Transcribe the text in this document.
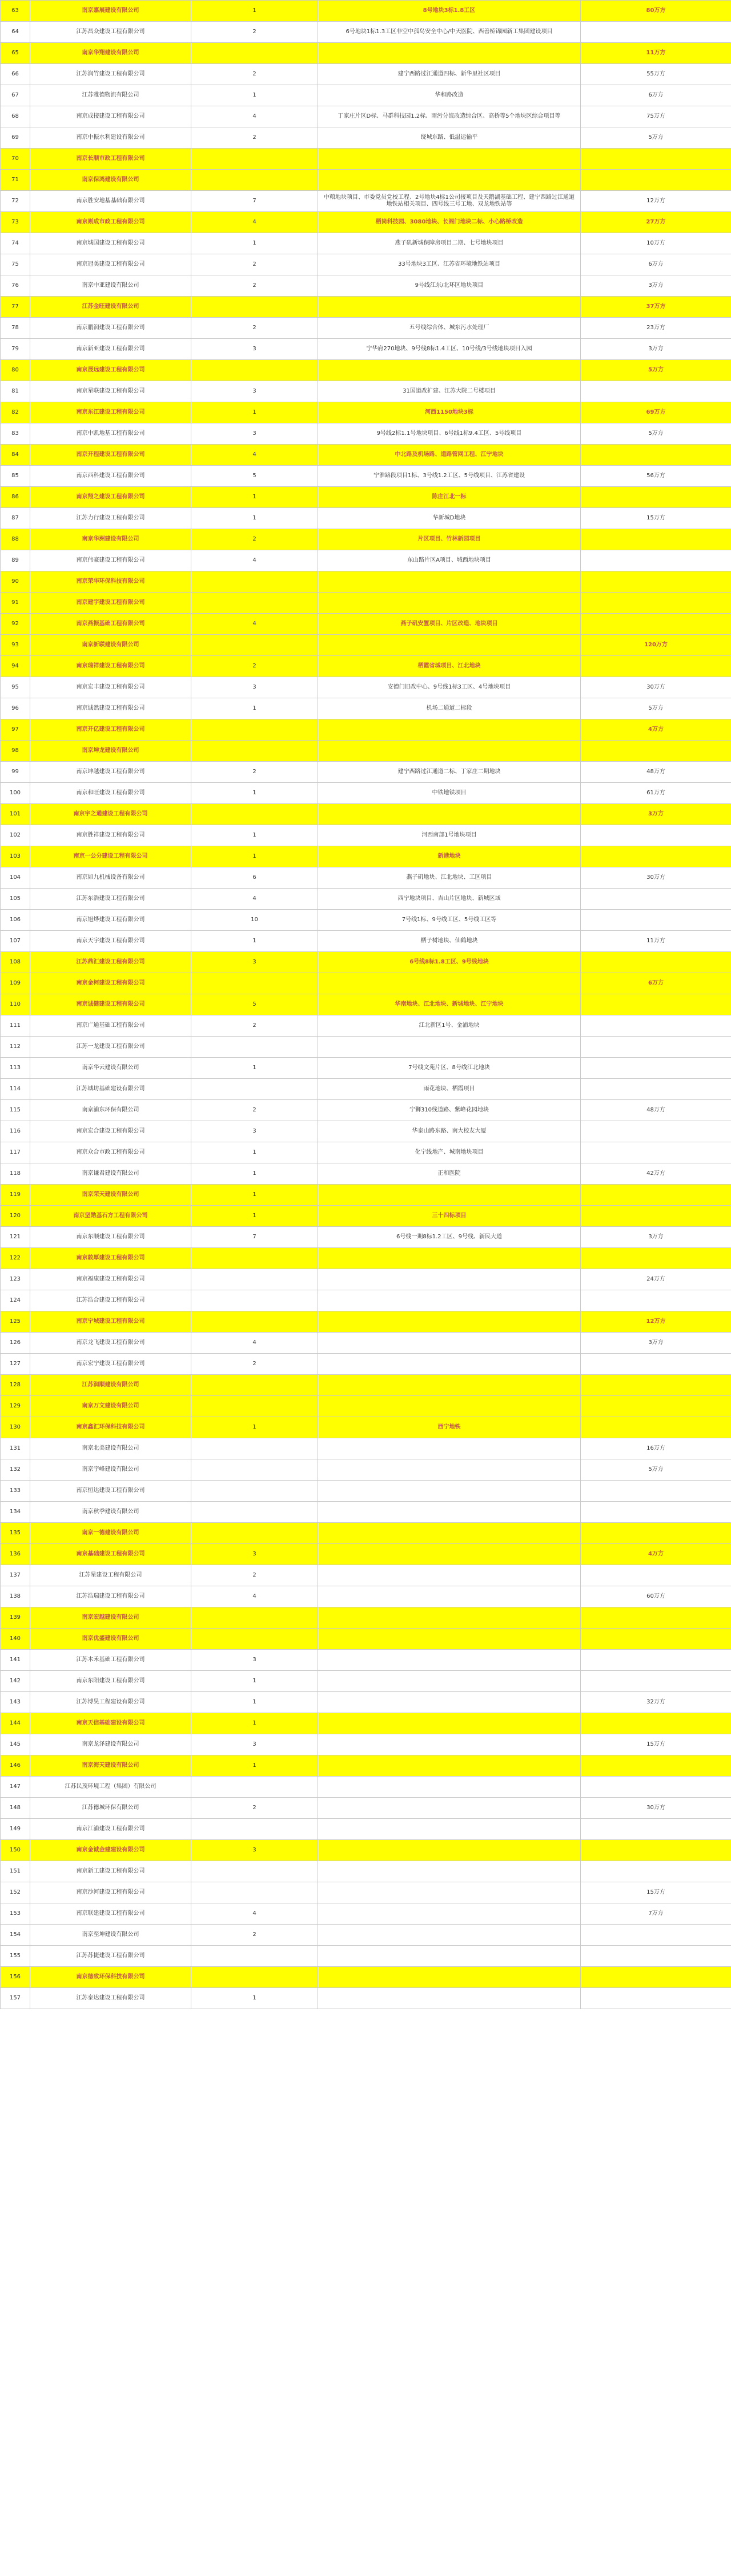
63	南京嘉展建设有限公司	1	8号地块3标1.8工区	80万方
64	江苏昌众建设工程有限公司	2	6号地块1标1.3工区非空中孤岛安全中心/中天医院、西善桥锦园新工集团建设项目	
65	南京华翔建设有限公司			11万方
66	江苏润竹建设工程有限公司	2	建宁西路过江通道四标、新华里社区项目	55万方
67	江苏雅德物流有限公司	1	华和路改造	6万方
68	南京成接建设工程有限公司	4	丁家庄片区D标、马群科技园1.2标、雨污分流改造综合区、高桥等5个地块区综合项目等	75万方
69	南京中振水利建设有限公司	2	绕城东路、低温运输平	5万方
70	南京长顺市政工程有限公司			
71	南京保鸿建设有限公司			
72	南京胜安地基基础有限公司	7	中粮地块项目、市委党员党校工程、2号地块4标1公司接项目及天鹅湖基础工程、建宁西路过江通道地铁站相关项目、四号线三号工地、双龙地铁站等	12万方
73	南京则成市政工程有限公司	4	栖岗科技园、3080地块、长阁门地块二标、小心路桥改造	27万方
74	南京城国建设工程有限公司	1	燕子矶新城保障房项目二期、七号地块项目	10万方
75	南京冠美建设工程有限公司	2	33号地块3工区、江苏省环境地铁站项目	6万方
76	南京中亚建设有限公司	2	9号线江东/北环区地块项目	3万方
77	江苏金旺建设有限公司			37万方
78	南京鹏润建设工程有限公司	2	五号线综合体、城东污水处理厂	23万方
79	南京新亚建设工程有限公司	3	宁华府270地块、9号线8标1.4工区、10号线/3号线地块项目入园	3万方
80	南京晟远建设工程有限公司			5万方
81	南京星联建设工程有限公司	3	31国道改扩建、江苏大院二号楼项目	
82	南京东江建设工程有限公司	1	河西1150地块3标	69万方
83	南京中凯地基工程有限公司	3	9号线2标1.1号地块项目、6号线1标9.4工区、5号线项目	5万方
84	南京开程建设工程有限公司	4	中北路及机场路、道路管网工程、江宁地块	
85	南京西科建设工程有限公司	5	宁淮路段项目1标、3号线1.2工区、5号线项目、江苏省建设	56万方
86	南京翔之建设工程有限公司	1	陈庄江北一标	
87	江苏力行建设工程有限公司	1	华新城D地块	15万方
88	南京华洲建设有限公司	2	片区项目、竹林新园项目	
89	南京伟豪建设工程有限公司	4	东山路片区A项目、城西地块项目	
90	南京荣华环保科技有限公司			
91	南京建宇建设工程有限公司			
92	南京燕振基础工程有限公司	4	燕子矶安置项目、片区改造、地块项目	
93	南京新联建设有限公司			120万方
94	南京瑞祥建设工程有限公司	2	栖霞省城项目、江北地块	
95	南京宏丰建设工程有限公司	3	安德门旧改中心、9号线1标3工区、4号地块项目	30万方
96	南京诚然建设工程有限公司	1	机场二通道二标段	5万方
97	南京开亿建设工程有限公司			4万方
98	南京坤龙建设有限公司			
99	南京坤越建设工程有限公司	2	建宁西路过江通道二标、丁家庄二期地块	48万方
100	南京和旺建设工程有限公司	1	中铁地铁项目	61万方
101	南京宇之通建设工程有限公司			3万方
102	南京胜祥建设工程有限公司	1	河西南部1号地块项目	
103	南京一公分建设工程有限公司	1	新港地块	
104	南京如九机械设备有限公司	6	燕子矶地块、江北地块、工区项目	30万方
105	江苏东浩建设工程有限公司	4	西宁地块项目、吉山片区地块、新城区域	
106	南京旭烨建设工程有限公司	10	7号线1标、9号线工区、5号线工区等	
107	南京天宇建设工程有限公司	1	栖子树地块、仙鹤地块	11万方
108	江苏鼎汇建设工程有限公司	3	6号线8标1.8工区、9号线地块	
109	南京金柯建设工程有限公司			6万方
110	南京诚健建设工程有限公司	5	华南地块、江北地块、新城地块、江宁地块	
111	南京广通基础工程有限公司	2	江北新区1号、金浦地块	
112	江苏一龙建设工程有限公司			
113	南京华云建设有限公司	1	7号线文苑片区、8号线江北地块	
114	江苏城坊基础建设有限公司		雨花地块、栖霞项目	
115	南京浦东环保有限公司	2	宁狮310线道路、紫峰花园地块	48万方
116	南京宏合建设工程有限公司	3	华泰山路东路、南大校友大厦	
117	南京众合市政工程有限公司	1	化宁线地产、城南地块项目	
118	南京谦君建设有限公司	1	正和医院	42万方
119	南京荣天建设有限公司	1		
120	南京坚勋基石方工程有限公司	1	三十四标项目	
121	南京东顺建设工程有限公司	7	6号线一期8标1.2工区、9号线、新民大道	3万方
122	南京敦厚建设工程有限公司			
123	南京福康建设工程有限公司			24万方
124	江苏浩合建设工程有限公司			
125	南京宁城建设工程有限公司			12万方
126	南京龙飞建设工程有限公司	4		3万方
127	南京宏宁建设工程有限公司	2		
128	江苏润顺建设有限公司			
129	南京万文建设有限公司			
130	南京鑫汇环保科技有限公司	1	西宁地铁	
131	南京北美建设有限公司			16万方
132	南京宇峰建设有限公司			5万方
133	南京恒达建设工程有限公司			
134	南京秋季建设有限公司			
135	南京一德建设有限公司			
136	南京基础建设工程有限公司	3		4万方
137	江苏星建设工程有限公司	2		
138	江苏浩瑞建设工程有限公司	4		60万方
139	南京宏越建设有限公司			
140	南京优盛建设有限公司			
141	江苏木禾基础工程有限公司	3		
142	南京东阳建设工程有限公司	1		
143	江苏博昊工程建设有限公司	1		32万方
144	南京天信基础建设有限公司	1		
145	南京龙泽建设有限公司	3		15万方
146	南京海天建设有限公司	1		
147	江苏民茂环境工程（集团）有限公司			
148	江苏德城环保有限公司	2		30万方
149	南京江浦建设工程有限公司			
150	南京金诚金建建设有限公司	3		
151	南京新工建设工程有限公司			
152	南京沙河建设工程有限公司			15万方
153	南京联建建设工程有限公司	4		7万方
154	南京至坤建设有限公司	2		
155	江苏苏捷建设工程有限公司			
156	南京德致环保科技有限公司			
157	江苏泰达建设工程有限公司	1		
